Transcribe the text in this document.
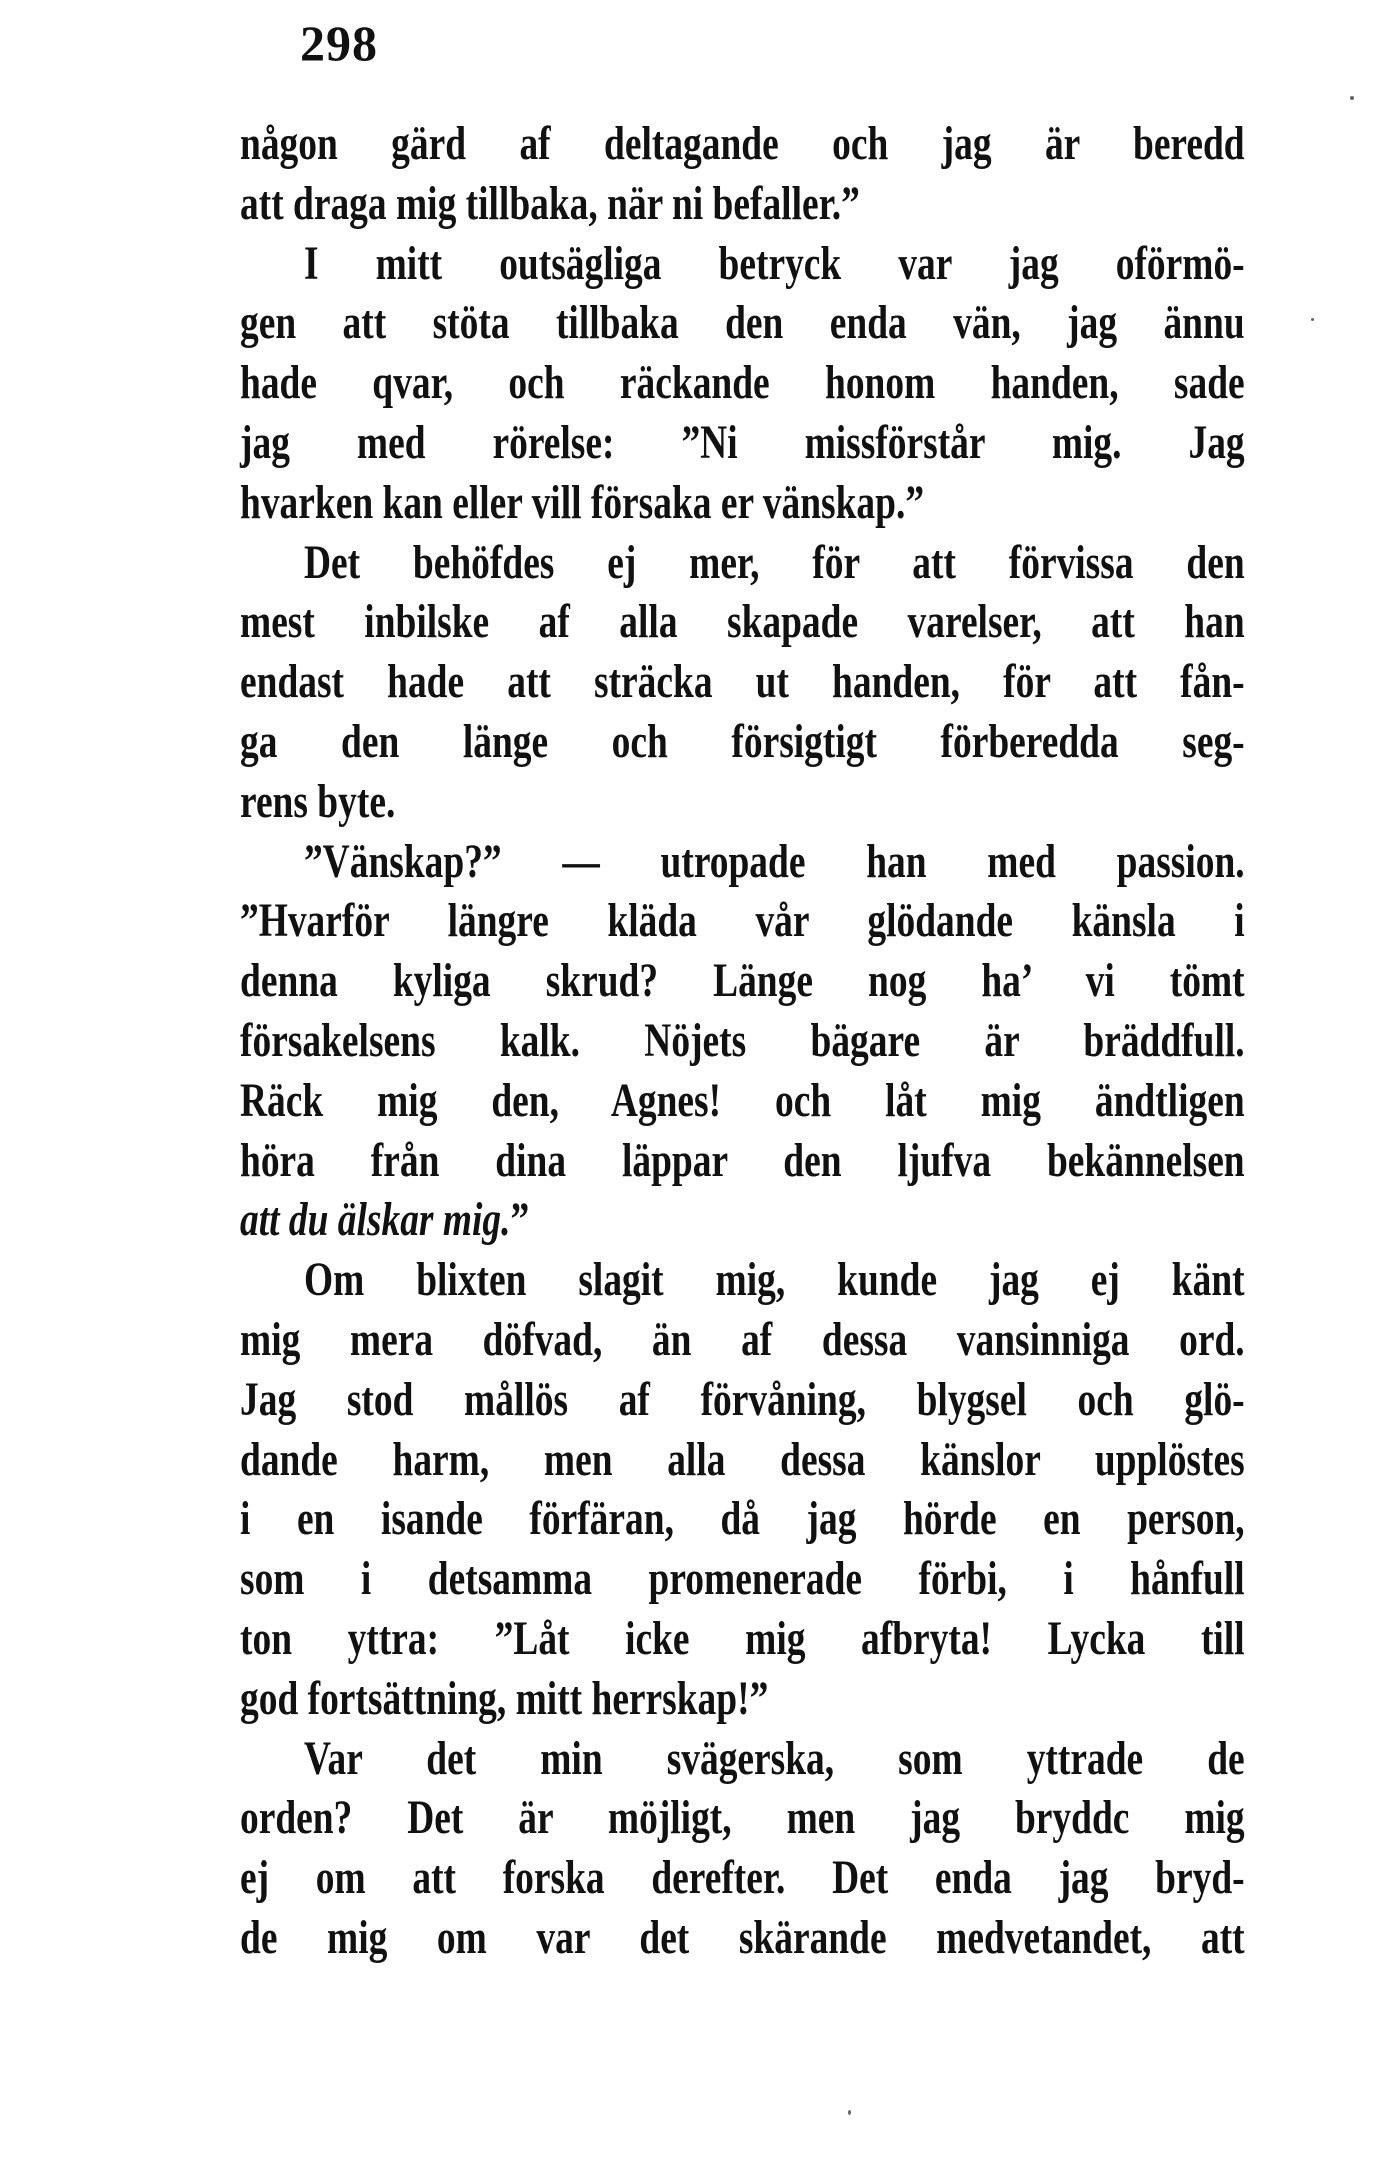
298
någon gärd af deltagande och jag är beredd
att draga mig tillbaka, när ni befaller.”
I mitt outsägliga betryck var jag oförmö-
gen att stöta tillbaka den enda vän, jag ännu
hade qvar, och räckande honom handen, sade
jag med rörelse: ”Ni missförstår mig. Jag
hvarken kan eller vill försaka er vänskap.”
Det behöfdes ej mer, för att förvissa den
mest inbilske af alla skapade varelser, att han
endast hade att sträcka ut handen, för att fån-
ga den länge och försigtigt förberedda seg-
rens byte.
”Vänskap?” — utropade han med passion.
”Hvarför längre kläda vår glödande känsla i
denna kyliga skrud? Länge nog ha’ vi tömt
försakelsens kalk. Nöjets bägare är bräddfull.
Räck mig den, Agnes! och låt mig ändtligen
höra från dina läppar den ljufva bekännelsen
att du älskar mig.”
Om blixten slagit mig, kunde jag ej känt
mig mera döfvad, än af dessa vansinniga ord.
Jag stod mållös af förvåning, blygsel och glö-
dande harm, men alla dessa känslor upplöstes
i en isande förfäran, då jag hörde en person,
som i detsamma promenerade förbi, i hånfull
ton yttra: ”Låt icke mig afbryta! Lycka till
god fortsättning, mitt herrskap!”
Var det min svägerska, som yttrade de
orden? Det är möjligt, men jag bryddc mig
ej om att forska derefter. Det enda jag bryd-
de mig om var det skärande medvetandet, att
